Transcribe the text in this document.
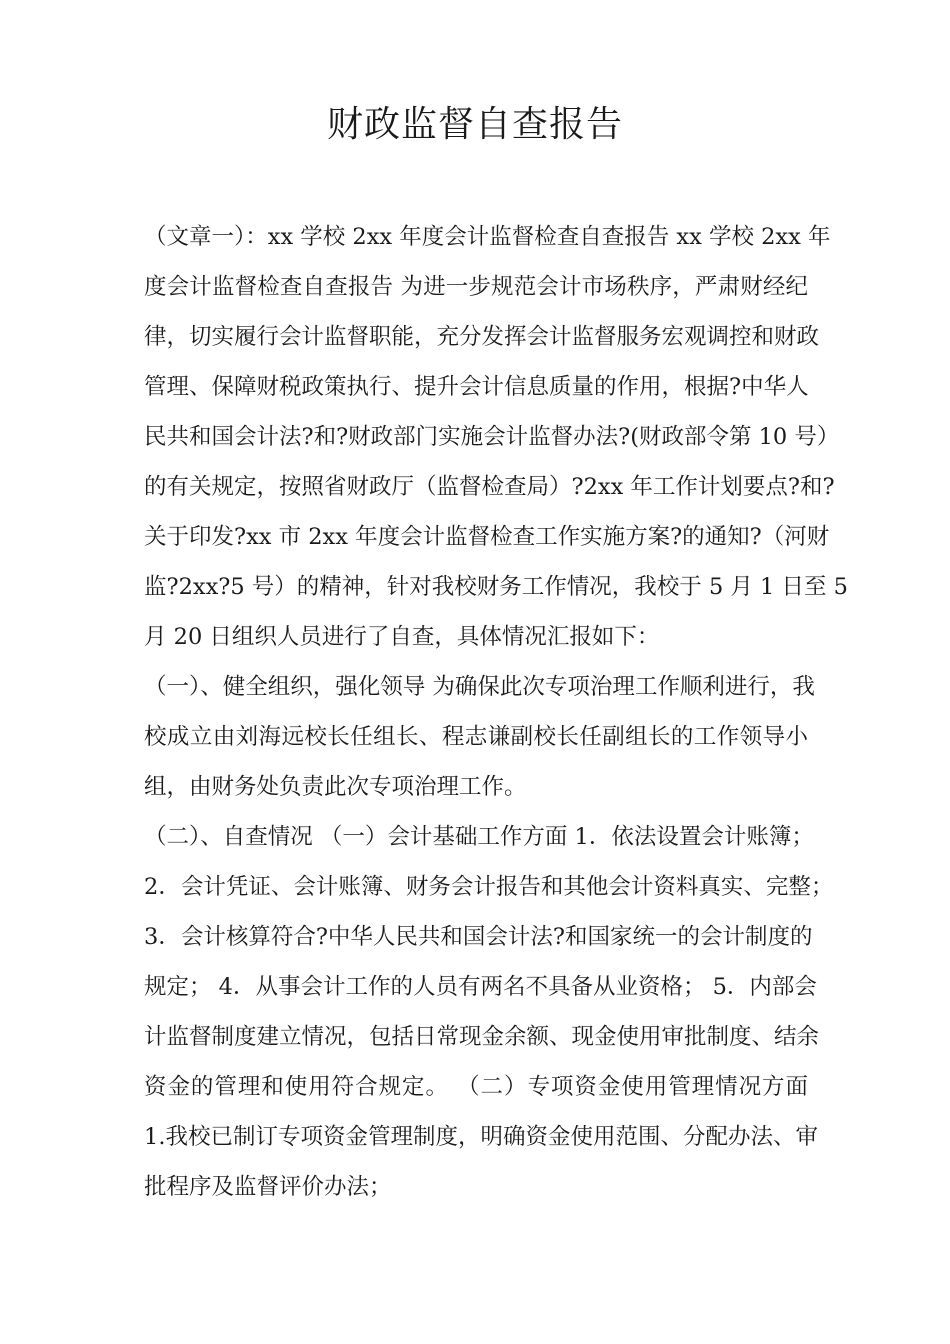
财政监督自查报告

（文章一）：xx 学校 2xx 年度会计监督检查自查报告 xx 学校 2xx 年

度会计监督检查自查报告 为进一步规范会计市场秩序，严肃财经纪

律，切实履行会计监督职能，充分发挥会计监督服务宏观调控和财政

管理、保障财税政策执行、提升会计信息质量的作用，根据?中华人

民共和国会计法?和?财政部门实施会计监督办法?(财政部令第 10 号）

的有关规定，按照省财政厅（监督检查局）?2xx 年工作计划要点?和?

关于印发?xx 市 2xx 年度会计监督检查工作实施方案?的通知?（河财

监?2xx?5 号）的精神，针对我校财务工作情况，我校于 5 月 1 日至 5

月 20 日组织人员进行了自查，具体情况汇报如下：

（一）、健全组织，强化领导 为确保此次专项治理工作顺利进行，我

校成立由刘海远校长任组长、程志谦副校长任副组长的工作领导小

组，由财务处负责此次专项治理工作。

（二）、自查情况 （一）会计基础工作方面 1．依法设置会计账簿；

2．会计凭证、会计账簿、财务会计报告和其他会计资料真实、完整；

3．会计核算符合?中华人民共和国会计法?和国家统一的会计制度的

规定； 4．从事会计工作的人员有两名不具备从业资格； 5．内部会

计监督制度建立情况，包括日常现金余额、现金使用审批制度、结余

资金的管理和使用符合规定。 （二）专项资金使用管理情况方面

1.我校已制订专项资金管理制度，明确资金使用范围、分配办法、审

批程序及监督评价办法；
